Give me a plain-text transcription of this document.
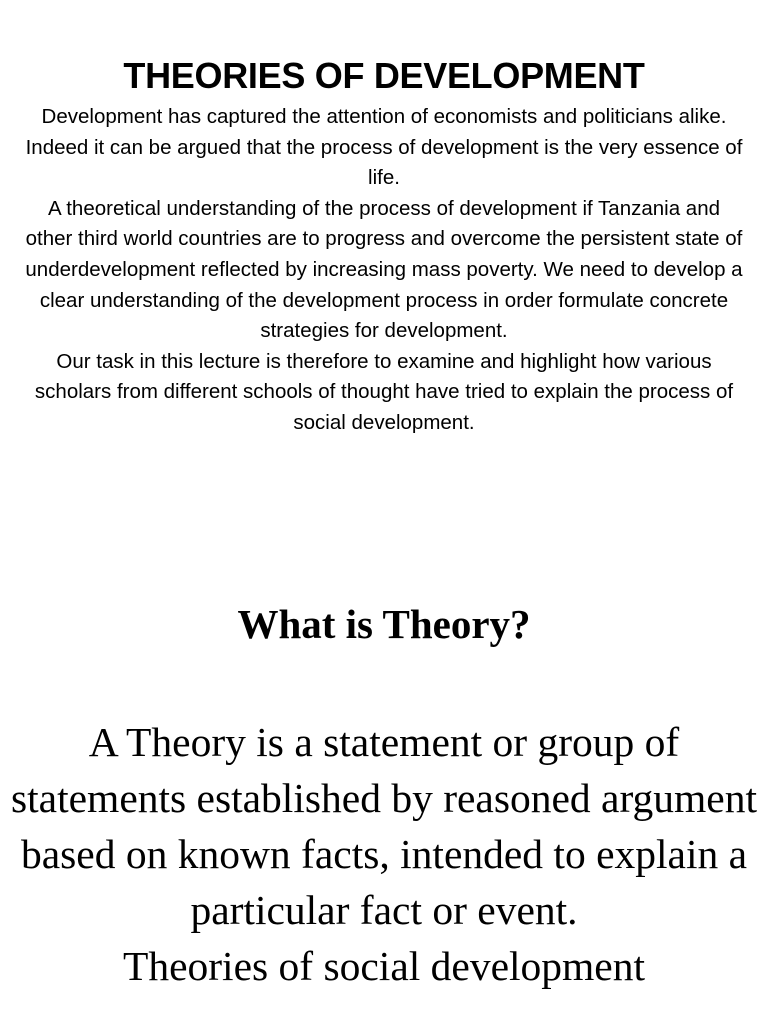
THEORIES OF DEVELOPMENT

Development has captured the attention of economists and politicians alike. Indeed it can be argued that the process of development is the very essence of life.

A theoretical understanding of the process of development if Tanzania and other third world countries are to progress and overcome the persistent state of underdevelopment reflected by increasing mass poverty. We need to develop a clear understanding of the development process in order formulate concrete strategies for development.

Our task in this lecture is therefore to examine and highlight how various scholars from different schools of thought have tried to explain the process of social development.

What is Theory?

A Theory is a statement or group of statements established by reasoned argument based on known facts, intended to explain a particular fact or event.

Theories of social development
